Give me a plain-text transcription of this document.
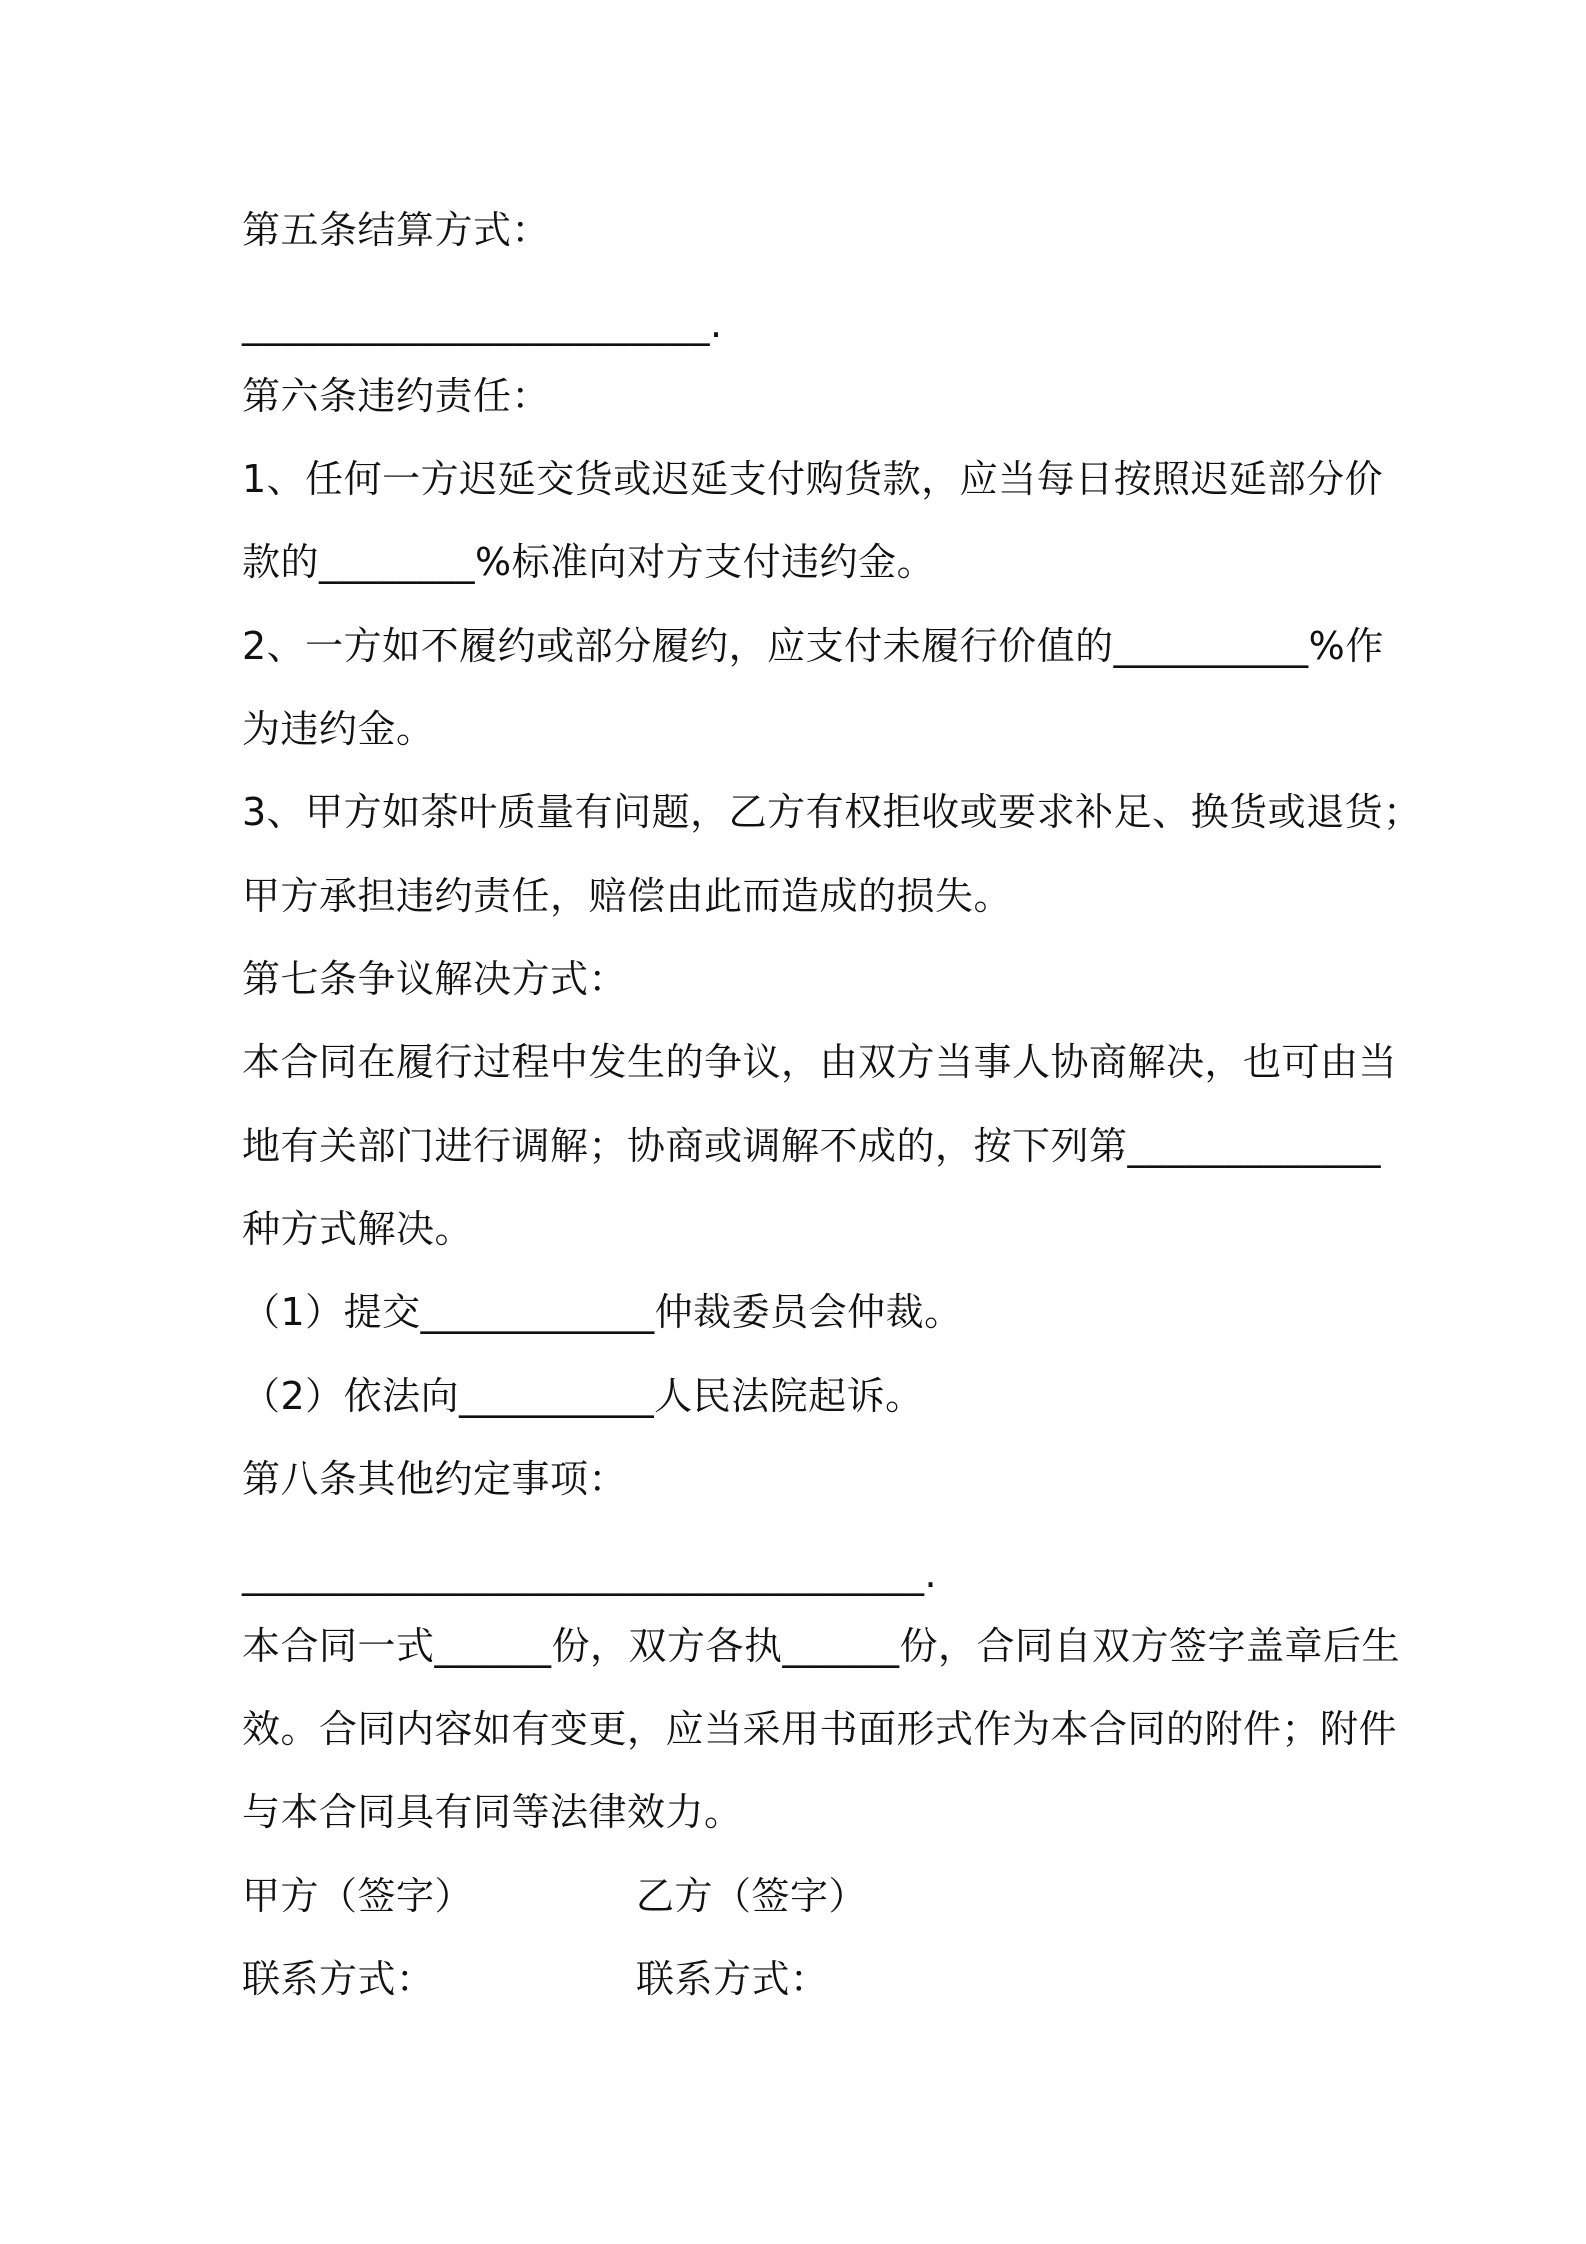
第五条结算方式：
________________________.
第六条违约责任：
1、任何一方迟延交货或迟延支付购货款，应当每日按照迟延部分价
款的________%标准向对方支付违约金。
2、一方如不履约或部分履约，应支付未履行价值的__________%作
为违约金。
3、甲方如茶叶质量有问题，乙方有权拒收或要求补足、换货或退货；
甲方承担违约责任，赔偿由此而造成的损失。
第七条争议解决方式：
本合同在履行过程中发生的争议，由双方当事人协商解决，也可由当
地有关部门进行调解；协商或调解不成的，按下列第_____________
种方式解决。
（1）提交____________仲裁委员会仲裁。
（2）依法向__________人民法院起诉。
第八条其他约定事项：
___________________________________.
本合同一式______份，双方各执______份，合同自双方签字盖章后生
效。合同内容如有变更，应当采用书面形式作为本合同的附件；附件
与本合同具有同等法律效力。
甲方（签字）	乙方（签字）
联系方式：	联系方式：
